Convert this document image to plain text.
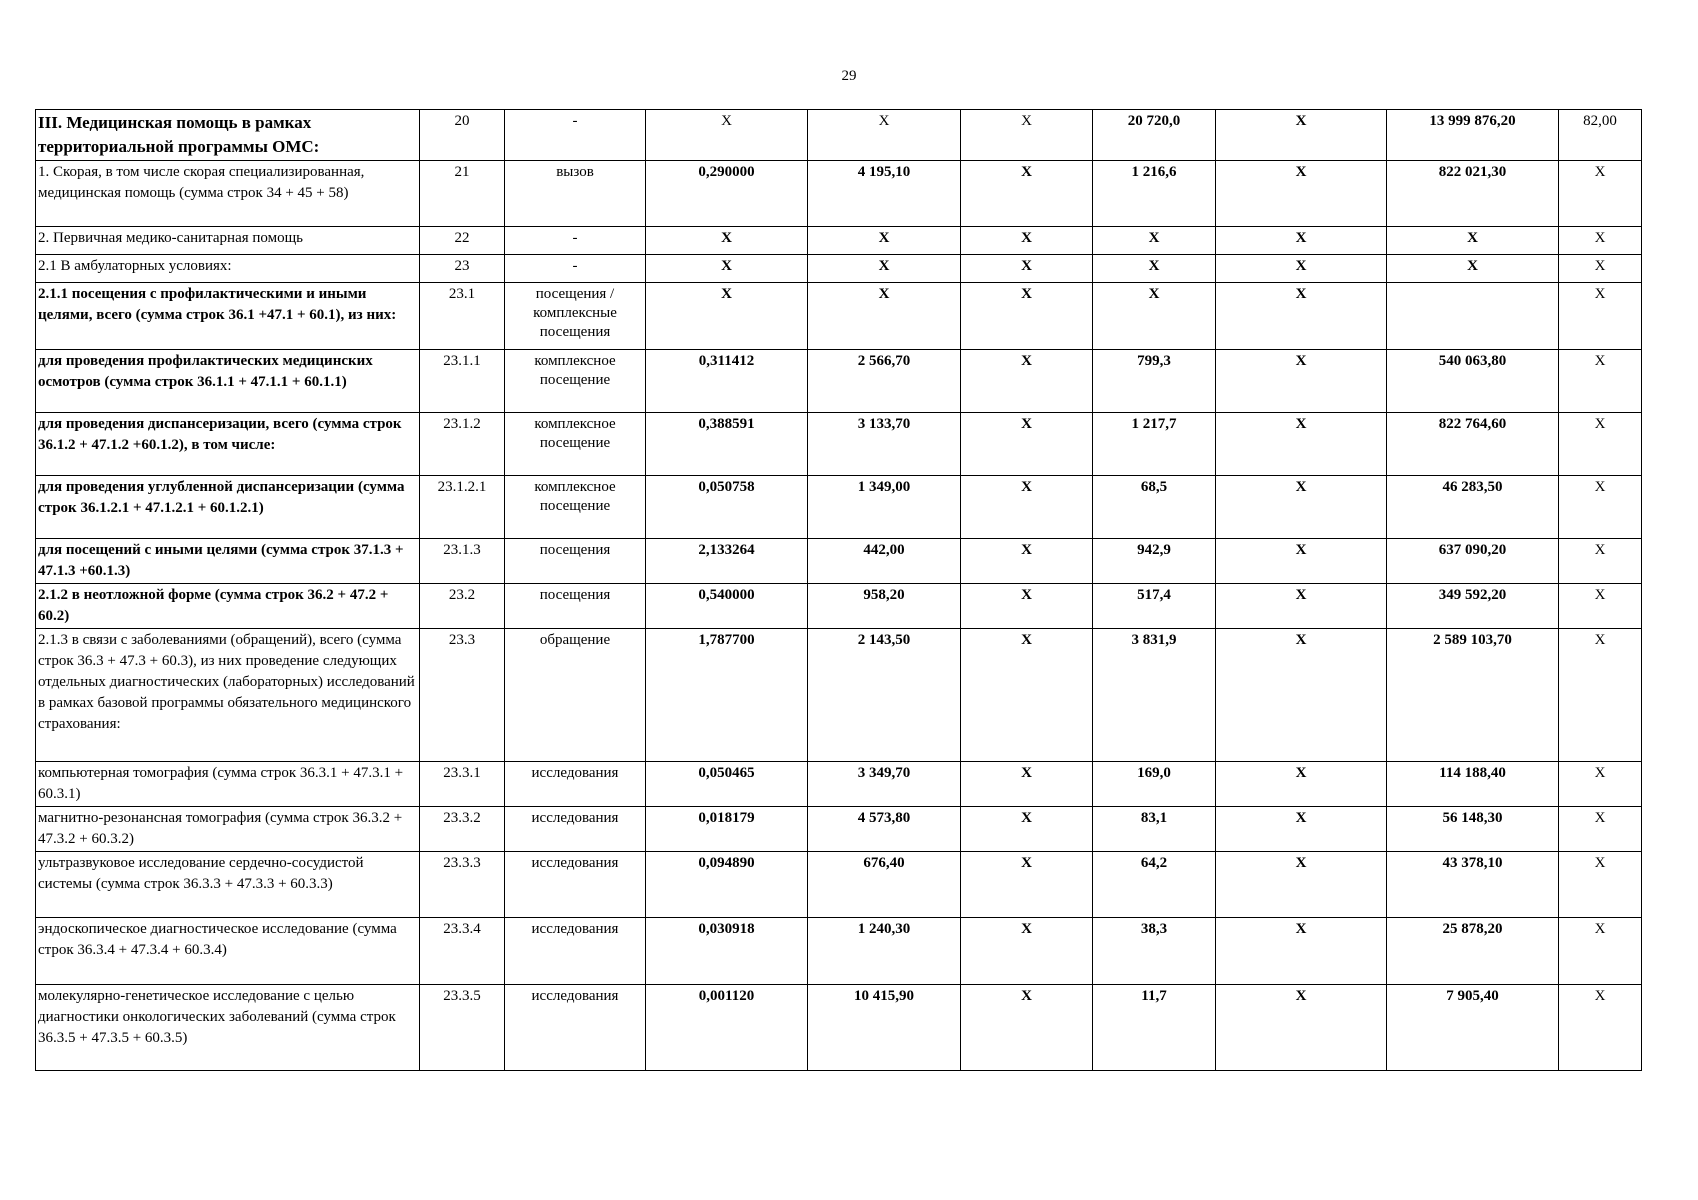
29
III. Медицинская помощь в рамках территориальной программы ОМС:	20	-	X	X	X	20 720,0	X	13 999 876,20	82,00
1. Скорая, в том числе скорая специализированная, медицинская помощь (сумма строк 34 + 45 + 58)	21	вызов	0,290000	4 195,10	X	1 216,6	X	822 021,30	X
2. Первичная медико-санитарная помощь	22	-	X	X	X	X	X	X	X
2.1 В амбулаторных условиях:	23	-	X	X	X	X	X	X	X
2.1.1 посещения с профилактическими и иными целями, всего (сумма строк 36.1 +47.1 + 60.1), из них:	23.1	посещения / комплексные посещения	X	X	X	X	X		X
для проведения профилактических медицинских осмотров (сумма строк 36.1.1 + 47.1.1 + 60.1.1)	23.1.1	комплексное посещение	0,311412	2 566,70	X	799,3	X	540 063,80	X
для проведения диспансеризации, всего (сумма строк 36.1.2 + 47.1.2 +60.1.2), в том числе:	23.1.2	комплексное посещение	0,388591	3 133,70	X	1 217,7	X	822 764,60	X
для проведения углубленной диспансеризации (сумма строк 36.1.2.1 + 47.1.2.1 + 60.1.2.1)	23.1.2.1	комплексное посещение	0,050758	1 349,00	X	68,5	X	46 283,50	X
для посещений с иными целями (сумма строк 37.1.3 + 47.1.3 +60.1.3)	23.1.3	посещения	2,133264	442,00	X	942,9	X	637 090,20	X
2.1.2 в неотложной форме (сумма строк 36.2 + 47.2 + 60.2)	23.2	посещения	0,540000	958,20	X	517,4	X	349 592,20	X
2.1.3 в связи с заболеваниями (обращений), всего (сумма строк 36.3 + 47.3 + 60.3), из них проведение следующих отдельных диагностических (лабораторных) исследований в рамках базовой программы обязательного медицинского страхования:	23.3	обращение	1,787700	2 143,50	X	3 831,9	X	2 589 103,70	X
компьютерная томография (сумма строк 36.3.1 + 47.3.1 + 60.3.1)	23.3.1	исследования	0,050465	3 349,70	X	169,0	X	114 188,40	X
магнитно-резонансная томография (сумма строк 36.3.2 + 47.3.2 + 60.3.2)	23.3.2	исследования	0,018179	4 573,80	X	83,1	X	56 148,30	X
ультразвуковое исследование сердечно-сосудистой системы (сумма строк 36.3.3 + 47.3.3 + 60.3.3)	23.3.3	исследования	0,094890	676,40	X	64,2	X	43 378,10	X
эндоскопическое диагностическое исследование (сумма строк 36.3.4 + 47.3.4 + 60.3.4)	23.3.4	исследования	0,030918	1 240,30	X	38,3	X	25 878,20	X
молекулярно-генетическое исследование с целью диагностики онкологических заболеваний (сумма строк 36.3.5 + 47.3.5 + 60.3.5)	23.3.5	исследования	0,001120	10 415,90	X	11,7	X	7 905,40	X
